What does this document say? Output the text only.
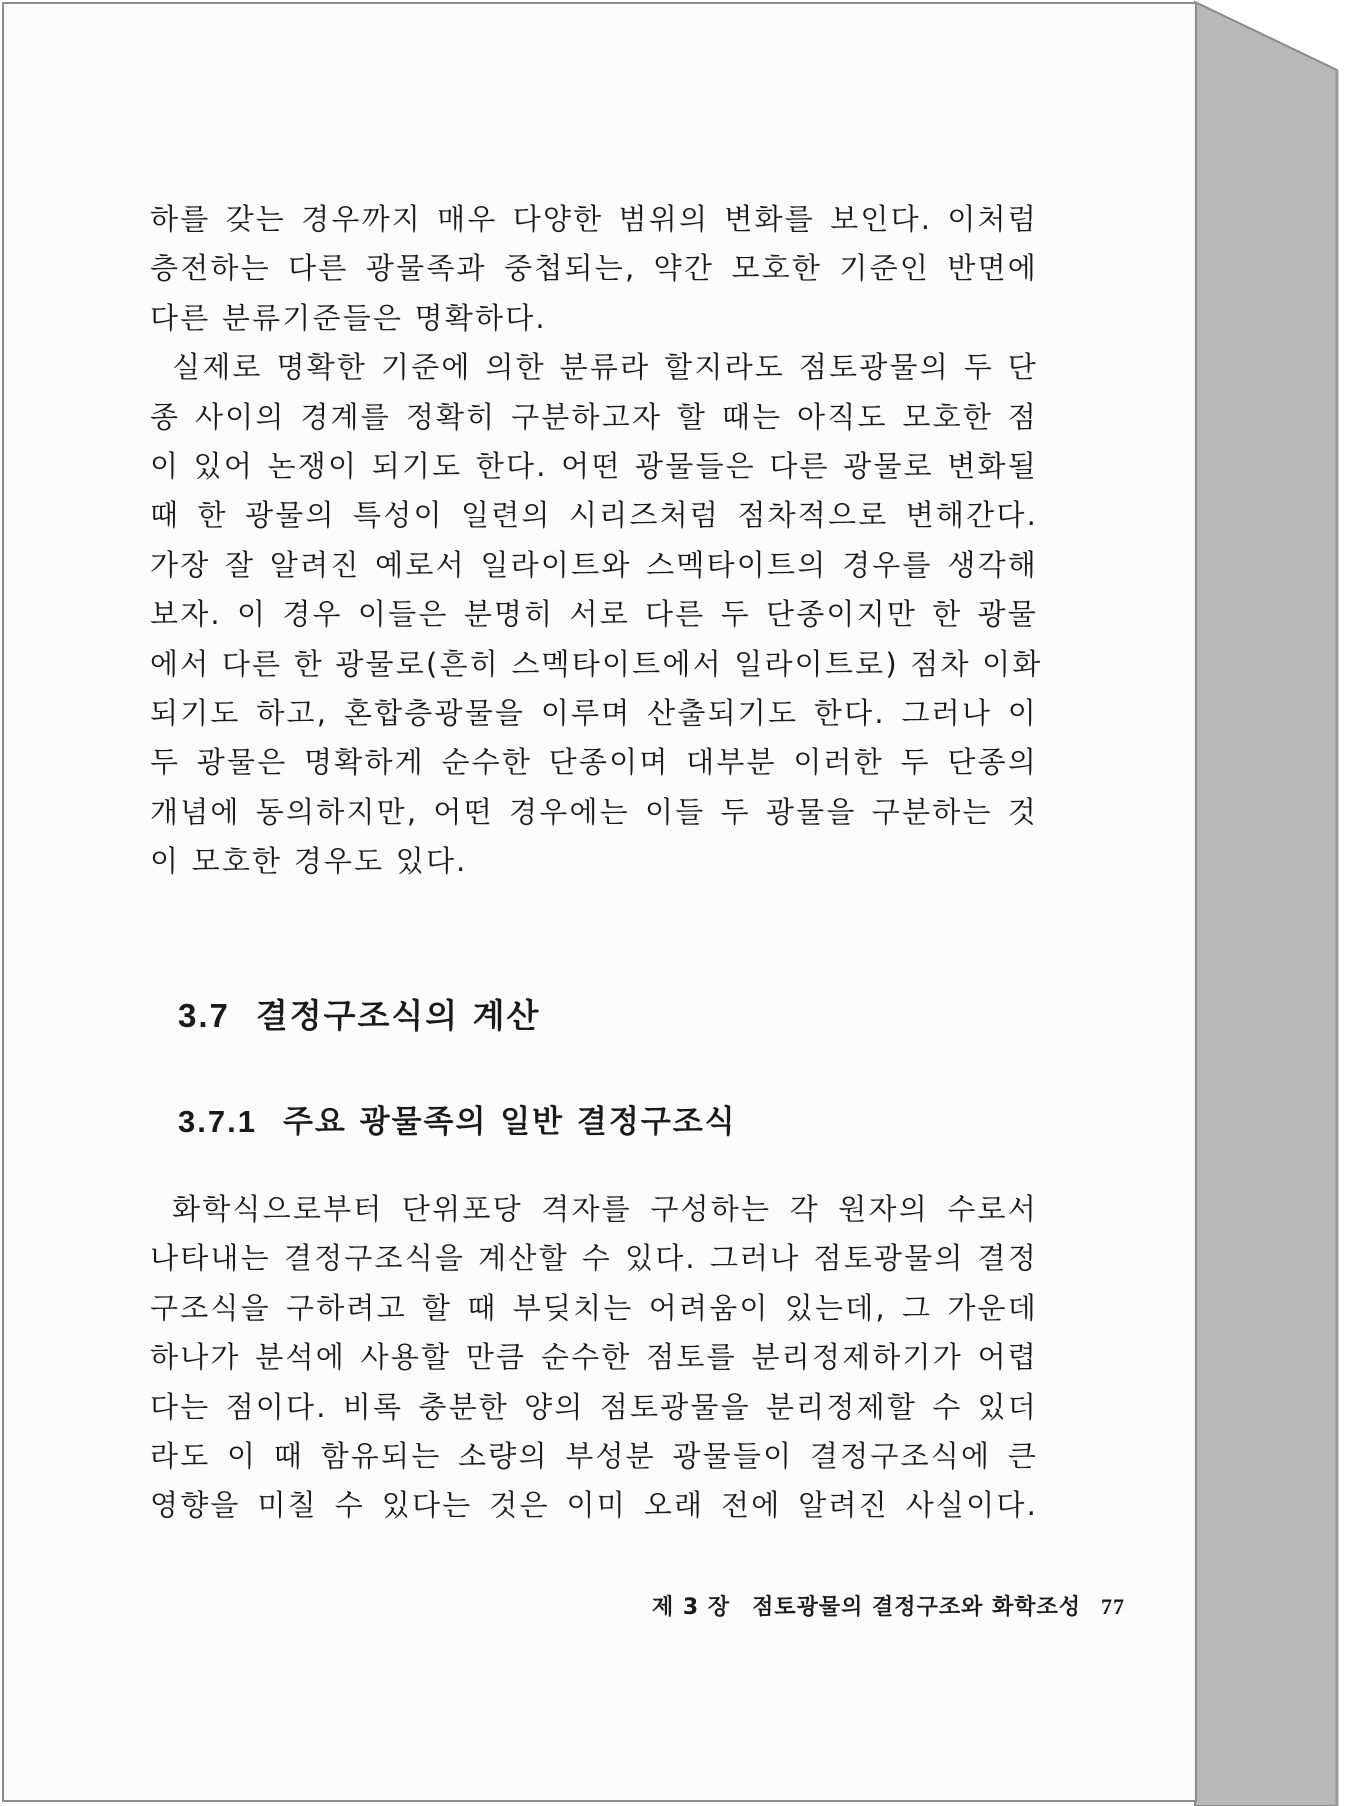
하를 갖는 경우까지 매우 다양한 범위의 변화를 보인다. 이처럼
층전하는 다른 광물족과 중첩되는, 약간 모호한 기준인 반면에
다른 분류기준들은 명확하다.

실제로 명확한 기준에 의한 분류라 할지라도 점토광물의 두 단
종 사이의 경계를 정확히 구분하고자 할 때는 아직도 모호한 점
이 있어 논쟁이 되기도 한다. 어떤 광물들은 다른 광물로 변화될
때 한 광물의 특성이 일련의 시리즈처럼 점차적으로 변해간다.
가장 잘 알려진 예로서 일라이트와 스멕타이트의 경우를 생각해
보자. 이 경우 이들은 분명히 서로 다른 두 단종이지만 한 광물
에서 다른 한 광물로(흔히 스멕타이트에서 일라이트로) 점차 이화
되기도 하고, 혼합층광물을 이루며 산출되기도 한다. 그러나 이
두 광물은 명확하게 순수한 단종이며 대부분 이러한 두 단종의
개념에 동의하지만, 어떤 경우에는 이들 두 광물을 구분하는 것
이 모호한 경우도 있다.

3.7 결정구조식의 계산
3.7.1 주요 광물족의 일반 결정구조식

화학식으로부터 단위포당 격자를 구성하는 각 원자의 수로서
나타내는 결정구조식을 계산할 수 있다. 그러나 점토광물의 결정
구조식을 구하려고 할 때 부딪치는 어려움이 있는데, 그 가운데
하나가 분석에 사용할 만큼 순수한 점토를 분리정제하기가 어렵
다는 점이다. 비록 충분한 양의 점토광물을 분리정제할 수 있더
라도 이 때 함유되는 소량의 부성분 광물들이 결정구조식에 큰
영향을 미칠 수 있다는 것은 이미 오래 전에 알려진 사실이다.

제 3 장 점토광물의 결정구조와 화학조성 77
